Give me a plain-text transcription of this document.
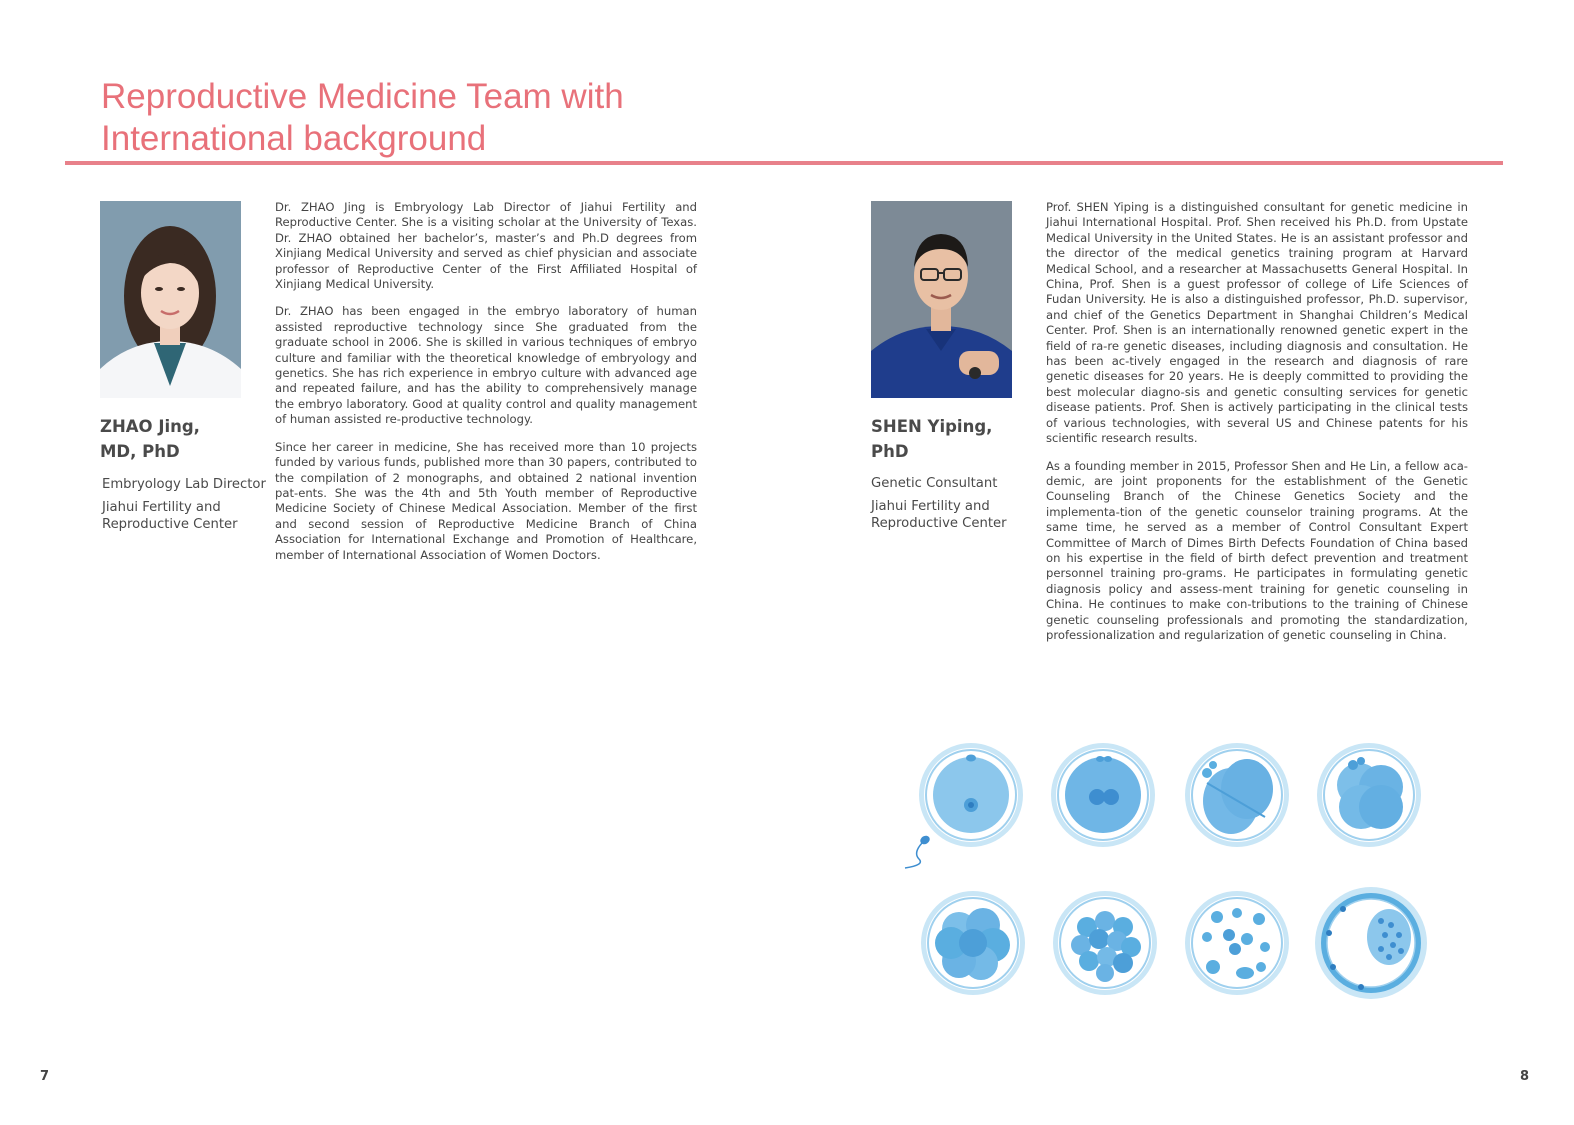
Reproductive Medicine Team with
International background
ZHAO Jing,
MD, PhD
Embryology Lab Director
Jiahui Fertility and
Reproductive Center

Dr. ZHAO Jing is Embryology Lab Director of Jiahui Fertility and Reproductive Center. She is a visiting scholar at the University of Texas. Dr. ZHAO obtained her bachelor’s, master’s and Ph.D degrees from Xinjiang Medical University and served as chief physician and associate professor of Reproductive Center of the First Affiliated Hospital of Xinjiang Medical University.

Dr. ZHAO has been engaged in the embryo laboratory of human assisted reproductive technology since She graduated from the graduate school in 2006. She is skilled in various techniques of embryo culture and familiar with the theoretical knowledge of embryology and genetics. She has rich experience in embryo culture with advanced age and repeated failure, and has the ability to comprehensively manage the embryo laboratory. Good at quality control and quality management of human assisted re-productive technology.

Since her career in medicine, She has received more than 10 projects funded by various funds, published more than 30 papers, contributed to the compilation of 2 monographs, and obtained 2 national invention pat-ents. She was the 4th and 5th Youth member of Reproductive Medicine Society of Chinese Medical Association. Member of the first and second session of Reproductive Medicine Branch of China Association for International Exchange and Promotion of Healthcare, member of International Association of Women Doctors.

SHEN Yiping,
PhD
Genetic Consultant
Jiahui Fertility and
Reproductive Center

Prof. SHEN Yiping is a distinguished consultant for genetic medicine in Jiahui International Hospital. Prof. Shen received his Ph.D. from Upstate Medical University in the United States. He is an assistant professor and the director of the medical genetics training program at Harvard Medical School, and a researcher at Massachusetts General Hospital. In China, Prof. Shen is a guest professor of college of Life Sciences of Fudan University. He is also a distinguished professor, Ph.D. supervisor, and chief of the Genetics Department in Shanghai Children’s Medical Center. Prof. Shen is an internationally renowned genetic expert in the field of ra-re genetic diseases, including diagnosis and consultation. He has been ac-tively engaged in the research and diagnosis of rare genetic diseases for 20 years. He is deeply committed to providing the best molecular diagno-sis and genetic consulting services for genetic disease patients. Prof. Shen is actively participating in the clinical tests of various technologies, with several US and Chinese patents for his scientific research results.

As a founding member in 2015, Professor Shen and He Lin, a fellow aca-demic, are joint proponents for the establishment of the Genetic Counseling Branch of the Chinese Genetics Society and the implementa-tion of the genetic counselor training programs. At the same time, he served as a member of Control Consultant Expert Committee of March of Dimes Birth Defects Foundation of China based on his expertise in the field of birth defect prevention and treatment personnel training pro-grams. He participates in formulating genetic diagnosis policy and assess-ment training for genetic counseling in China. He continues to make con-tributions to the training of Chinese genetic counseling professionals and promoting the standardization, professionalization and regularization of genetic counseling in China.

7	8
